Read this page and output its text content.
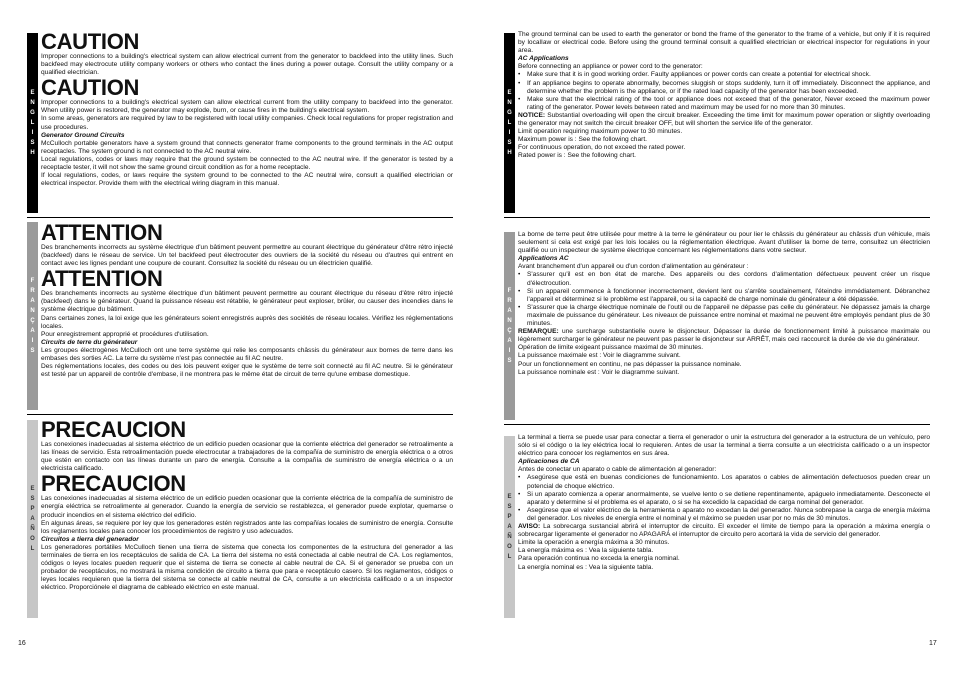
E
N
G
L
I
S
H
CAUTION

Improper connections to a building's electrical system can allow electrical current from the generator to backfeed into the utility lines. Such backfeed may electrocute utility company workers or others who contact the lines during a power outage. Consult the utility company or a qualified electrician.

CAUTION

Improper connections to a building's electrical system can allow electrical current from the utility company to backfeed into the generator. When utility power is restored, the generator may explode, burn, or cause fires in the building's electrical system.

In some areas, generators are required by law to be registered with local utility companies. Check local regulations for proper registration and use procedures.

Generator Ground Circuits

McCulloch portable generators have a system ground that connects generator frame components to the ground terminals in the AC output receptacles. The system ground is not connected to the AC neutral wire.

Local regulations, codes or laws may require that the ground system be connected to the AC neutral wire. If the generator is tested by a receptacle tester, it will not show the same ground circuit condition as for a home receptacle.

If local regulations, codes, or laws require the system ground to be connected to the AC neutral wire, consult a qualified electrician or electrical inspector. Provide them with the electrical wiring diagram in this manual.

F
R
A
N
Ç
A
I
S
ATTENTION

Des branchements incorrects au système électrique d'un bâtiment peuvent permettre au courant électrique du générateur d'être rétro injecté (backfeed) dans le réseau de service. Un tel backfeed peut électrocuter des ouvriers de la société du réseau ou d'autres qui entrent en contact avec les lignes pendant une coupure de courant. Consultez la société du réseau ou un électricien qualifié.

ATTENTION

Des branchements incorrects au système électrique d'un bâtiment peuvent permettre au courant électrique du réseau d'être rétro injecté (backfeed) dans le générateur. Quand la puissance réseau est rétablie, le générateur peut exploser, brûler, ou causer des incendies dans le système électrique du bâtiment.

Dans certaines zones, la loi exige que les générateurs soient enregistrés auprès des sociétés de réseau locales. Vérifiez les réglementations locales.

Pour enregistrement approprié et procédures d'utilisation.

Circuits de terre du générateur

Les groupes électrogènes McCulloch ont une terre système qui relie les composants châssis du générateur aux bornes de terre dans les embases des sorties AC. La terre du système n'est pas connectée au fil AC neutre.

Des réglementations locales, des codes ou des lois peuvent exiger que le système de terre soit connecté au fil AC neutre. Si le générateur est testé par un appareil de contrôle d'embase, il ne montrera pas le même état de circuit de terre qu'une embase domestique.

E
S
P
A
Ñ
O
L
PRECAUCION

Las conexiones inadecuadas al sistema eléctrico de un edificio pueden ocasionar que la corriente eléctrica del generador se retroalimente a las líneas de servicio. Esta retroalimentación puede electrocutar a trabajadores de la compañía de suministro de energía eléctrica o a otros que estén en contacto con las líneas durante un paro de energía. Consulte a la compañía de suministro de energía eléctrica o a un electricista calificado.

PRECAUCION

Las conexiones inadecuadas al sistema eléctrico de un edificio pueden ocasionar que la corriente eléctrica de la compañía de suministro de energía eléctrica se retroalimente al generador. Cuando la energía de servicio se restablezca, el generador puede explotar, quemarse o producir incendios en el sistema eléctrico del edificio.

En algunas áreas, se requiere por ley que los generadores estén registrados ante las compañías locales de suministro de energía. Consulte los reglamentos locales para conocer los procedimientos de registro y uso adecuados.

Circuitos a tierra del generador

Los generadores portátiles McCulloch tienen una tierra de sistema que conecta los componentes de la estructura del generador a las terminales de tierra en los receptáculos de salida de CA. La tierra del sistema no está conectada al cable neutral de CA. Los reglamentos, códigos o leyes locales pueden requerir que el sistema de tierra se conecte al cable neutral de CA. Si el generador se prueba con un probador de receptáculos, no mostrará la misma condición de circuito a tierra que para e receptáculo casero. Si los reglamentos, códigos o leyes locales requieren que la tierra del sistema se conecte al cable neutral de CA, consulte a un electricista calificado o a un inspector eléctrico. Proporciónele el diagrama de cableado eléctrico en este manual.

16
E
N
G
L
I
S
H

The ground terminal can be used to earth the generator or bond the frame of the generator to the frame of a vehicle, but only if it is required by localIaw or electrical code. Before using the ground terminal consult a qualified electrician or electrical inspector for regulations in your area.

AC Applications

Before connecting an appliance or power cord to the generator:

• Make sure that it is in good working order. Faulty appliances or power cords can create a potential for electrical shock.
• If an appliance begins to operate abnormally, becomes sluggish or stops suddenly, turn it off immediately. Disconnect the appliance, and determine whether the problem is the appliance, or if the rated load capacity of the generator has been exceeded.
• Make sure that the electrical rating of the tool or appliance does not exceed that of the generator, Never exceed the maximum power rating of the generator. Power levels between rated and maximum may be used for no more than 30 minutes.

NOTICE: Substantial overloading will open the circuit breaker. Exceeding the time limit for maximum power operation or slightly overloading the generator may not switch the circuit breaker OFF, but will shorten the service life of the generator.

Limit operation requiring maximum power to 30 minutes.

Maximum power is : See the following chart.

For continuous operation, do not exceed the rated power.

Rated power is : See the following chart.

F
R
A
N
Ç
A
I
S

La borne de terre peut être utilisée pour mettre à la terre le générateur ou pour lier le châssis du générateur au châssis d'un véhicule, mais seulement si cela est exigé par les lois locales ou la réglementation électrique. Avant d'utiliser la borne de terre, consultez un électricien qualifié ou un inspecteur de système électrique concernant les réglementations dans votre secteur.

Applications AC

Avant branchement d'un appareil ou d'un cordon d'alimentation au générateur :

• S'assurer qu'il est en bon état de marche. Des appareils ou des cordons d'alimentation défectueux peuvent créer un risque d'électrocution.
• Si un appareil commence à fonctionner incorrectement, devient lent ou s'arrête soudainement, l'éteindre immédiatement. Débranchez l'appareil et déterminez si le problème est l'appareil, ou si la capacité de charge nominale du générateur a été dépassée.
• S'assurer que la charge électrique nominale de l'outil ou de l'appareil ne dépasse pas celle du générateur. Ne dépassez jamais la charge maximale de puissance du générateur. Les niveaux de puissance entre nominal et maximal ne peuvent être employés pendant plus de 30 minutes.

REMARQUE: une surcharge substantielle ouvre le disjoncteur. Dépasser la durée de fonctionnement limité à puissance maximale ou légèrement surcharger le générateur ne peuvent pas passer le disjoncteur sur ARRÊT, mais ceci raccourcit la durée de vie du générateur.

Opération de limite exigeant puissance maximal de 30 minutes.

La puissance maximale est : Voir le diagramme suivant.

Pour un fonctionnement en continu, ne pas dépasser la puissance nominale.

La puissance nominale est : Voir le diagramme suivant.

E
S
P
A
Ñ
O
L

La terminal a tierra se puede usar para conectar a tierra el generador o unir la estructura del generador a la estructura de un vehículo, pero sólo si el código o la ley eléctrica local lo requieren. Antes de usar la terminal a tierra consulte a un electricista calificado o a un inspector eléctrico para conocer los reglamentos en sus área.

Aplicaciones de CA

Antes de conectar un aparato o cable de alimentación al generador:

• Asegúrese que está en buenas condiciones de funcionamiento. Los aparatos o cables de alimentación defectuosos pueden crear un potencial de choque eléctrico.
• Si un aparato comienza a operar anormalmente, se vuelve lento o se detiene repentinamente, apáguelo inmediatamente. Desconecte el aparato y determine si el problema es el aparato, o si se ha excedido la capacidad de carga nominal del generador.
• Asegúrese que el valor eléctrico de la herramienta o aparato no excedan la del generador. Nunca sobrepase la carga de energía máxima del generador. Los niveles de energía entre el nominal y el máximo se pueden usar por no más de 30 minutos.

AVISO: La sobrecarga sustancial abrirá el interruptor de circuito. El exceder el límite de tiempo para la operación a máxima energía o sobrecargar ligeramente el generador no APAGARÁ el interruptor de circuito pero acortará la vida de servicio del generador.

Limite la operación a energía máxima a 30 minutos.

La energía máxima es : Vea la siguiente tabla.

Para operación continua no exceda la energía nominal.

La energía nominal es : Vea la siguiente tabla.

17
